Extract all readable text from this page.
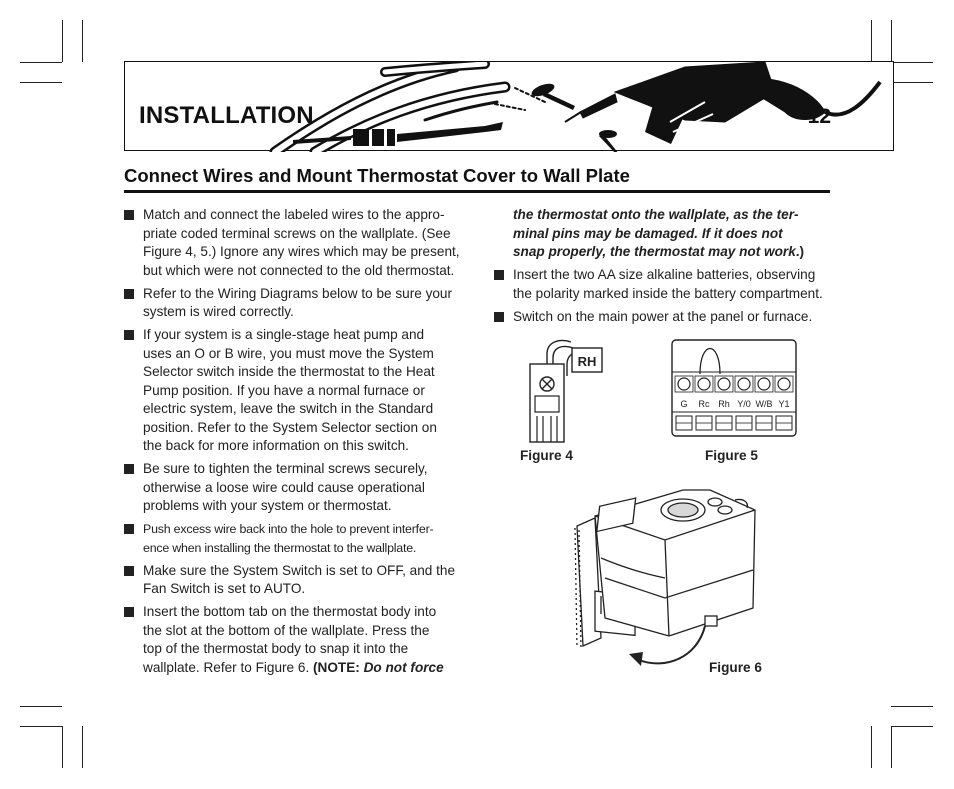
INSTALLATION	12
Connect Wires and Mount Thermostat Cover to Wall Plate
Match and connect the labeled wires to the appro-
priate coded terminal screws on the wallplate. (See
Figure 4, 5.) Ignore any wires which may be present,
but which were not connected to the old thermostat.
Refer to the Wiring Diagrams below to be sure your
system is wired correctly.
If your system is a single-stage heat pump and
uses an O or B wire, you must move the System
Selector switch inside the thermostat to the Heat
Pump position. If you have a normal furnace or
electric system, leave the switch in the Standard
position. Refer to the System Selector section on
the back for more information on this switch.
Be sure to tighten the terminal screws securely,
otherwise a loose wire could cause operational
problems with your system or thermostat.
Push excess wire back into the hole to prevent interfer-
ence when installing the thermostat to the wallplate.
Make sure the System Switch is set to OFF, and the
Fan Switch is set to AUTO.
Insert the bottom tab on the thermostat body into
the slot at the bottom of the wallplate. Press the
top of the thermostat body to snap it into the
wallplate. Refer to Figure 6. (NOTE: Do not force
the thermostat onto the wallplate, as the ter-
minal pins may be damaged. If it does not
snap properly, the thermostat may not work.)
Insert the two AA size alkaline batteries, observing
the polarity marked inside the battery compartment.
Switch on the main power at the panel or furnace.
RH
Figure 4
G Rc Rh Y/0 W/B Y1
Figure 5
Figure 6
